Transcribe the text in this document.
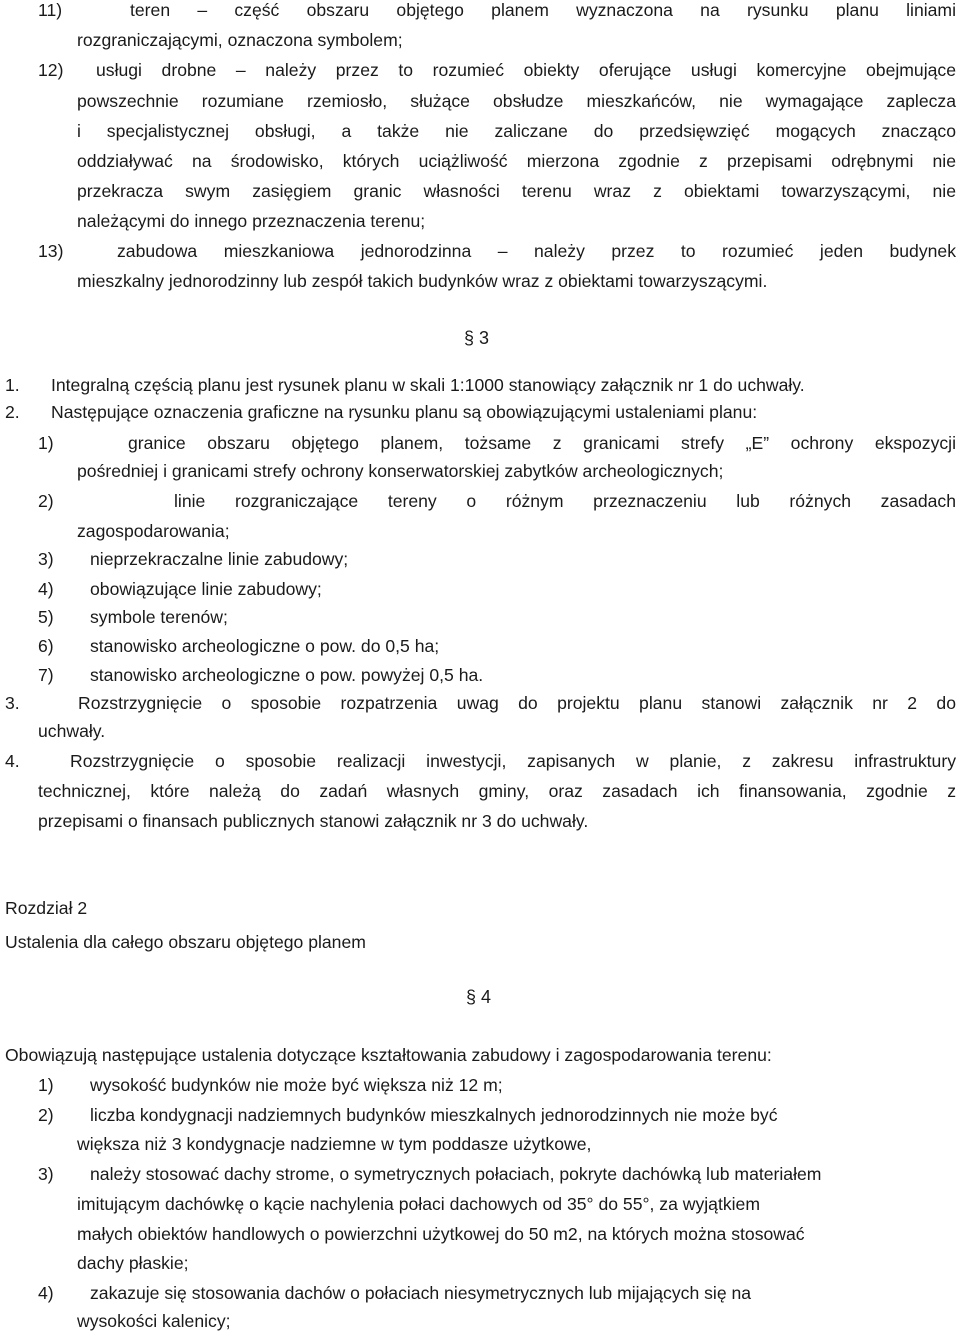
11)	teren – część obszaru objętego planem wyznaczona na rysunku planu liniami
rozgraniczającymi, oznaczona symbolem;
12) usługi drobne – należy przez to rozumieć obiekty oferujące usługi komercyjne obejmujące
powszechnie rozumiane rzemiosło, służące obsłudze mieszkańców, nie wymagające zaplecza
i specjalistycznej obsługi, a także nie zaliczane do przedsięwzięć mogących znacząco
oddziaływać na środowisko, których uciążliwość mierzona zgodnie z przepisami odrębnymi nie
przekracza swym zasięgiem granic własności terenu wraz z obiektami towarzyszącymi, nie
należącymi do innego przeznaczenia terenu;
13)	zabudowa mieszkaniowa jednorodzinna – należy przez to rozumieć jeden budynek
mieszkalny jednorodzinny lub zespół takich budynków wraz z obiektami towarzyszącymi.
§ 3
1. Integralną częścią planu jest rysunek planu w skali 1:1000 stanowiący załącznik nr 1 do uchwały.
2. Następujące oznaczenia graficzne na rysunku planu są obowiązującymi ustaleniami planu:
1)	granice obszaru objętego planem, tożsame z granicami strefy „E” ochrony ekspozycji
pośredniej i granicami strefy ochrony konserwatorskiej zabytków archeologicznych;
2)	linie rozgraniczające tereny o różnym przeznaczeniu lub różnych zasadach
zagospodarowania;
3) nieprzekraczalne linie zabudowy;
4) obowiązujące linie zabudowy;
5) symbole terenów;
6) stanowisko archeologiczne o pow. do 0,5 ha;
7) stanowisko archeologiczne o pow. powyżej 0,5 ha.
3.	Rozstrzygnięcie o sposobie rozpatrzenia uwag do projektu planu stanowi załącznik nr 2 do
uchwały.
4.	Rozstrzygnięcie o sposobie realizacji inwestycji, zapisanych w planie, z zakresu infrastruktury
technicznej, które należą do zadań własnych gminy, oraz zasadach ich finansowania, zgodnie z
przepisami o finansach publicznych stanowi załącznik nr 3 do uchwały.
Rozdział 2
Ustalenia dla całego obszaru objętego planem
§ 4
Obowiązują następujące ustalenia dotyczące kształtowania zabudowy i zagospodarowania terenu:
1) wysokość budynków nie może być większa niż 12 m;
2) liczba kondygnacji nadziemnych budynków mieszkalnych jednorodzinnych nie może być
większa niż 3 kondygnacje nadziemne w tym poddasze użytkowe,
3) należy stosować dachy strome, o symetrycznych połaciach, pokryte dachówką lub materiałem
imitującym dachówkę o kącie nachylenia połaci dachowych od 35° do 55°, za wyjątkiem
małych obiektów handlowych o powierzchni użytkowej do 50 m2, na których można stosować
dachy płaskie;
4) zakazuje się stosowania dachów o połaciach niesymetrycznych lub mijających się na
wysokości kalenicy;
